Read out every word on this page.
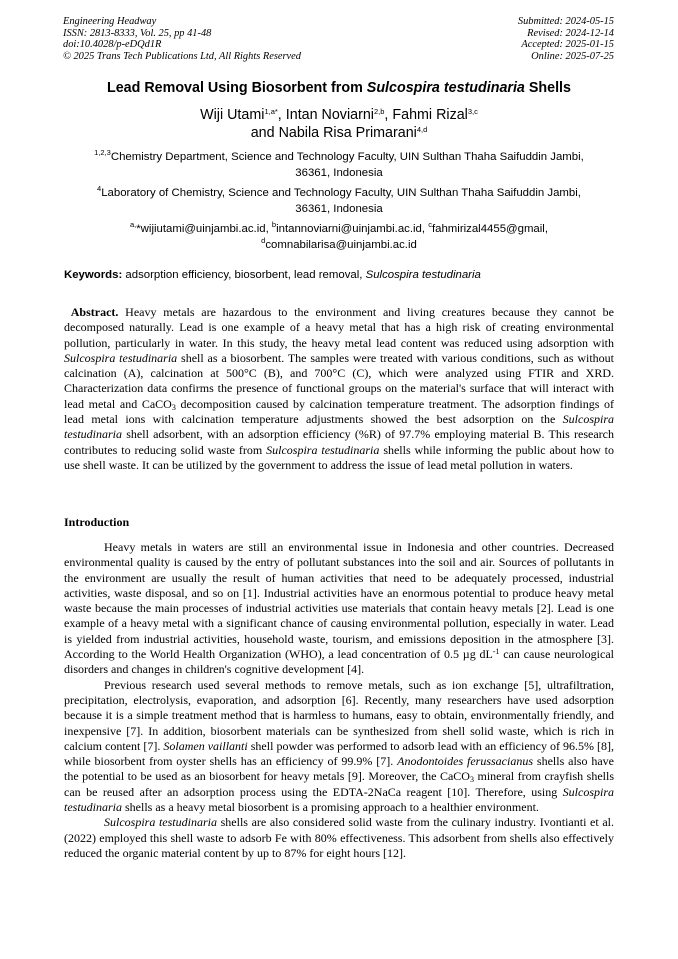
Engineering Headway
ISSN: 2813-8333, Vol. 25, pp 41-48
doi:10.4028/p-eDQd1R
© 2025 Trans Tech Publications Ltd, All Rights Reserved
Submitted: 2024-05-15
Revised: 2024-12-14
Accepted: 2025-01-15
Online: 2025-07-25
Lead Removal Using Biosorbent from Sulcospira testudinaria Shells
Wiji Utami$^{1,a*}$, Intan Noviarni$^{2,b}$, Fahmi Rizal$^{3,c}$
and Nabila Risa Primarani$^{4,d}$
$^{1,2,3}$Chemistry Department, Science and Technology Faculty, UIN Sulthan Thaha Saifuddin Jambi,
36361, Indonesia
$^4$Laboratory of Chemistry, Science and Technology Faculty, UIN Sulthan Thaha Saifuddin Jambi,
36361, Indonesia
$^{a,}$*wijiutami@uinjambi.ac.id, $^b$intannoviarni@uinjambi.ac.id, $^c$fahmirizal4455@gmail,
$^d$comnabilarisa@uinjambi.ac.id
Keywords: adsorption efficiency, biosorbent, lead removal, Sulcospira testudinaria
Abstract. Heavy metals are hazardous to the environment and living creatures because they cannot be decomposed naturally. Lead is one example of a heavy metal that has a high risk of creating environmental pollution, particularly in water. In this study, the heavy metal lead content was reduced using adsorption with Sulcospira testudinaria shell as a biosorbent. The samples were treated with various conditions, such as without calcination (A), calcination at 500°C (B), and 700°C (C), which were analyzed using FTIR and XRD. Characterization data confirms the presence of functional groups on the material's surface that will interact with lead metal and CaCO$_3$ decomposition caused by calcination temperature treatment. The adsorption findings of lead metal ions with calcination temperature adjustments showed the best adsorption on the Sulcospira testudinaria shell adsorbent, with an adsorption efficiency (%R) of 97.7% employing material B. This research contributes to reducing solid waste from Sulcospira testudinaria shells while informing the public about how to use shell waste. It can be utilized by the government to address the issue of lead metal pollution in waters.
Introduction

Heavy metals in waters are still an environmental issue in Indonesia and other countries. Decreased environmental quality is caused by the entry of pollutant substances into the soil and air. Sources of pollutants in the environment are usually the result of human activities that need to be adequately processed, industrial activities, waste disposal, and so on [1]. Industrial activities have an enormous potential to produce heavy metal waste because the main processes of industrial activities use materials that contain heavy metals [2]. Lead is one example of a heavy metal with a significant chance of causing environmental pollution, especially in water. Lead is yielded from industrial activities, household waste, tourism, and emissions deposition in the atmosphere [3]. According to the World Health Organization (WHO), a lead concentration of 0.5 µg $dL^{-1}$ can cause neurological disorders and changes in children's cognitive development [4].

Previous research used several methods to remove metals, such as ion exchange [5], ultrafiltration, precipitation, electrolysis, evaporation, and adsorption [6]. Recently, many researchers have used adsorption because it is a simple treatment method that is harmless to humans, easy to obtain, environmentally friendly, and inexpensive [7]. In addition, biosorbent materials can be synthesized from shell solid waste, which is rich in calcium content [7]. Solamen vaillanti shell powder was performed to adsorb lead with an efficiency of 96.5% [8], while biosorbent from oyster shells has an efficiency of 99.9% [7]. Anodontoides ferussacianus shells also have the potential to be used as an biosorbent for heavy metals [9]. Moreover, the CaCO$_3$ mineral from crayfish shells can be reused after an adsorption process using the EDTA-2NaCa reagent [10]. Therefore, using Sulcospira testudinaria shells as a heavy metal biosorbent is a promising approach to a healthier environment.

Sulcospira testudinaria shells are also considered solid waste from the culinary industry. Ivontianti et al. (2022) employed this shell waste to adsorb Fe with 80% effectiveness. This adsorbent from shells also effectively reduced the organic material content by up to 87% for eight hours [12].
